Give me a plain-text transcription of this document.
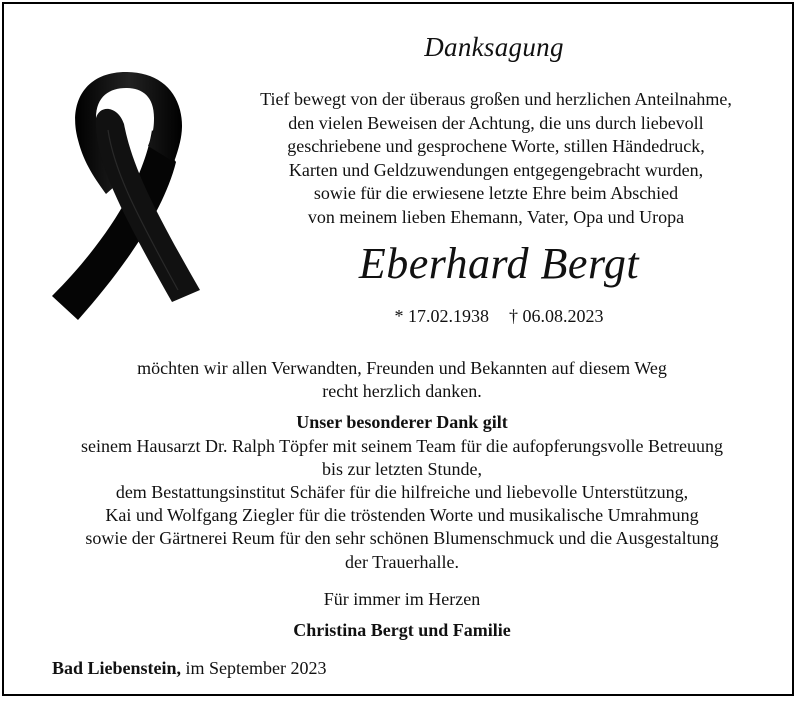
Danksagung
Tief bewegt von der überaus großen und herzlichen Anteilnahme,
den vielen Beweisen der Achtung, die uns durch liebevoll
geschriebene und gesprochene Worte, stillen Händedruck,
Karten und Geldzuwendungen entgegengebracht wurden,
sowie für die erwiesene letzte Ehre beim Abschied
von meinem lieben Ehemann, Vater, Opa und Uropa
Eberhard Bergt
* 17.02.1938 † 06.08.2023

möchten wir allen Verwandten, Freunden und Bekannten auf diesem Weg

recht herzlich danken.

Unser besonderer Dank gilt

seinem Hausarzt Dr. Ralph Töpfer mit seinem Team für die aufopferungsvolle Betreuung

bis zur letzten Stunde,

dem Bestattungsinstitut Schäfer für die hilfreiche und liebevolle Unterstützung,

Kai und Wolfgang Ziegler für die tröstenden Worte und musikalische Umrahmung

sowie der Gärtnerei Reum für den sehr schönen Blumenschmuck und die Ausgestaltung

der Trauerhalle.

Für immer im Herzen

Christina Bergt und Familie

Bad Liebenstein, im September 2023
